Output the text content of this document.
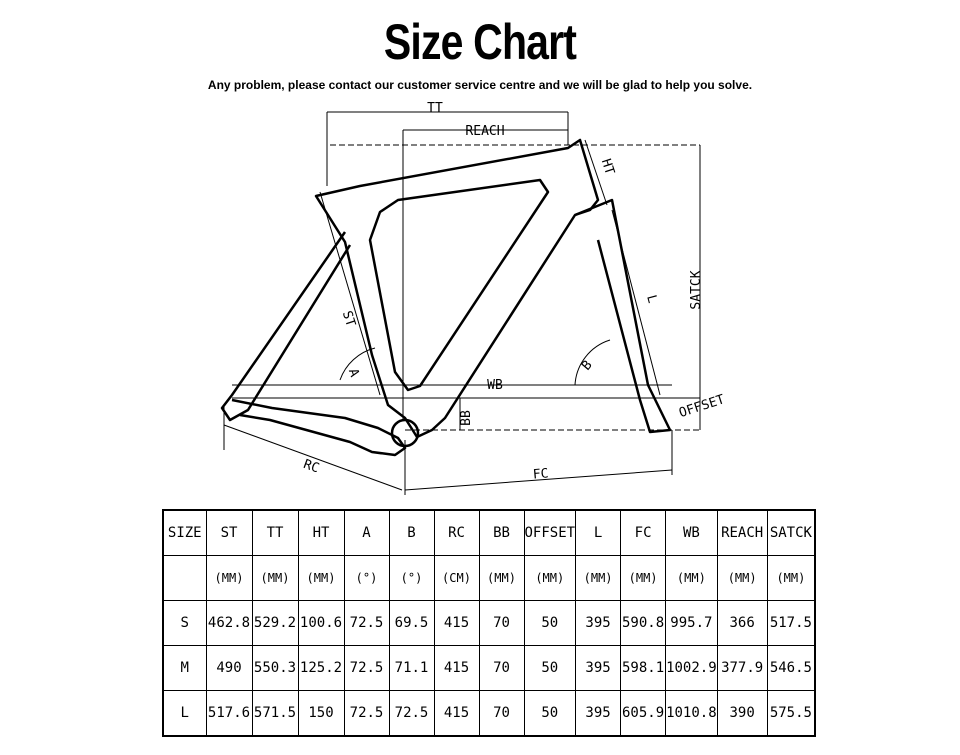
Size Chart
Any problem, please contact our customer service centre and we will be glad to help you solve.
TT
REACH
HT
SATCK
ST
A	B
L
WB
BB	OFFSET
RC	FC
SIZE	ST	TT	HT	A	B	RC	BB	OFFSET	L	FC	WB	REACH	SATCK
	(MM)	(MM)	(MM)	(°)	(°)	(CM)	(MM)	(MM)	(MM)	(MM)	(MM)	(MM)	(MM)
S	462.8	529.2	100.6	72.5	69.5	415	70	50	395	590.8	995.7	366	517.5
M	490	550.3	125.2	72.5	71.1	415	70	50	395	598.1	1002.9	377.9	546.5
L	517.6	571.5	150	72.5	72.5	415	70	50	395	605.9	1010.8	390	575.5
